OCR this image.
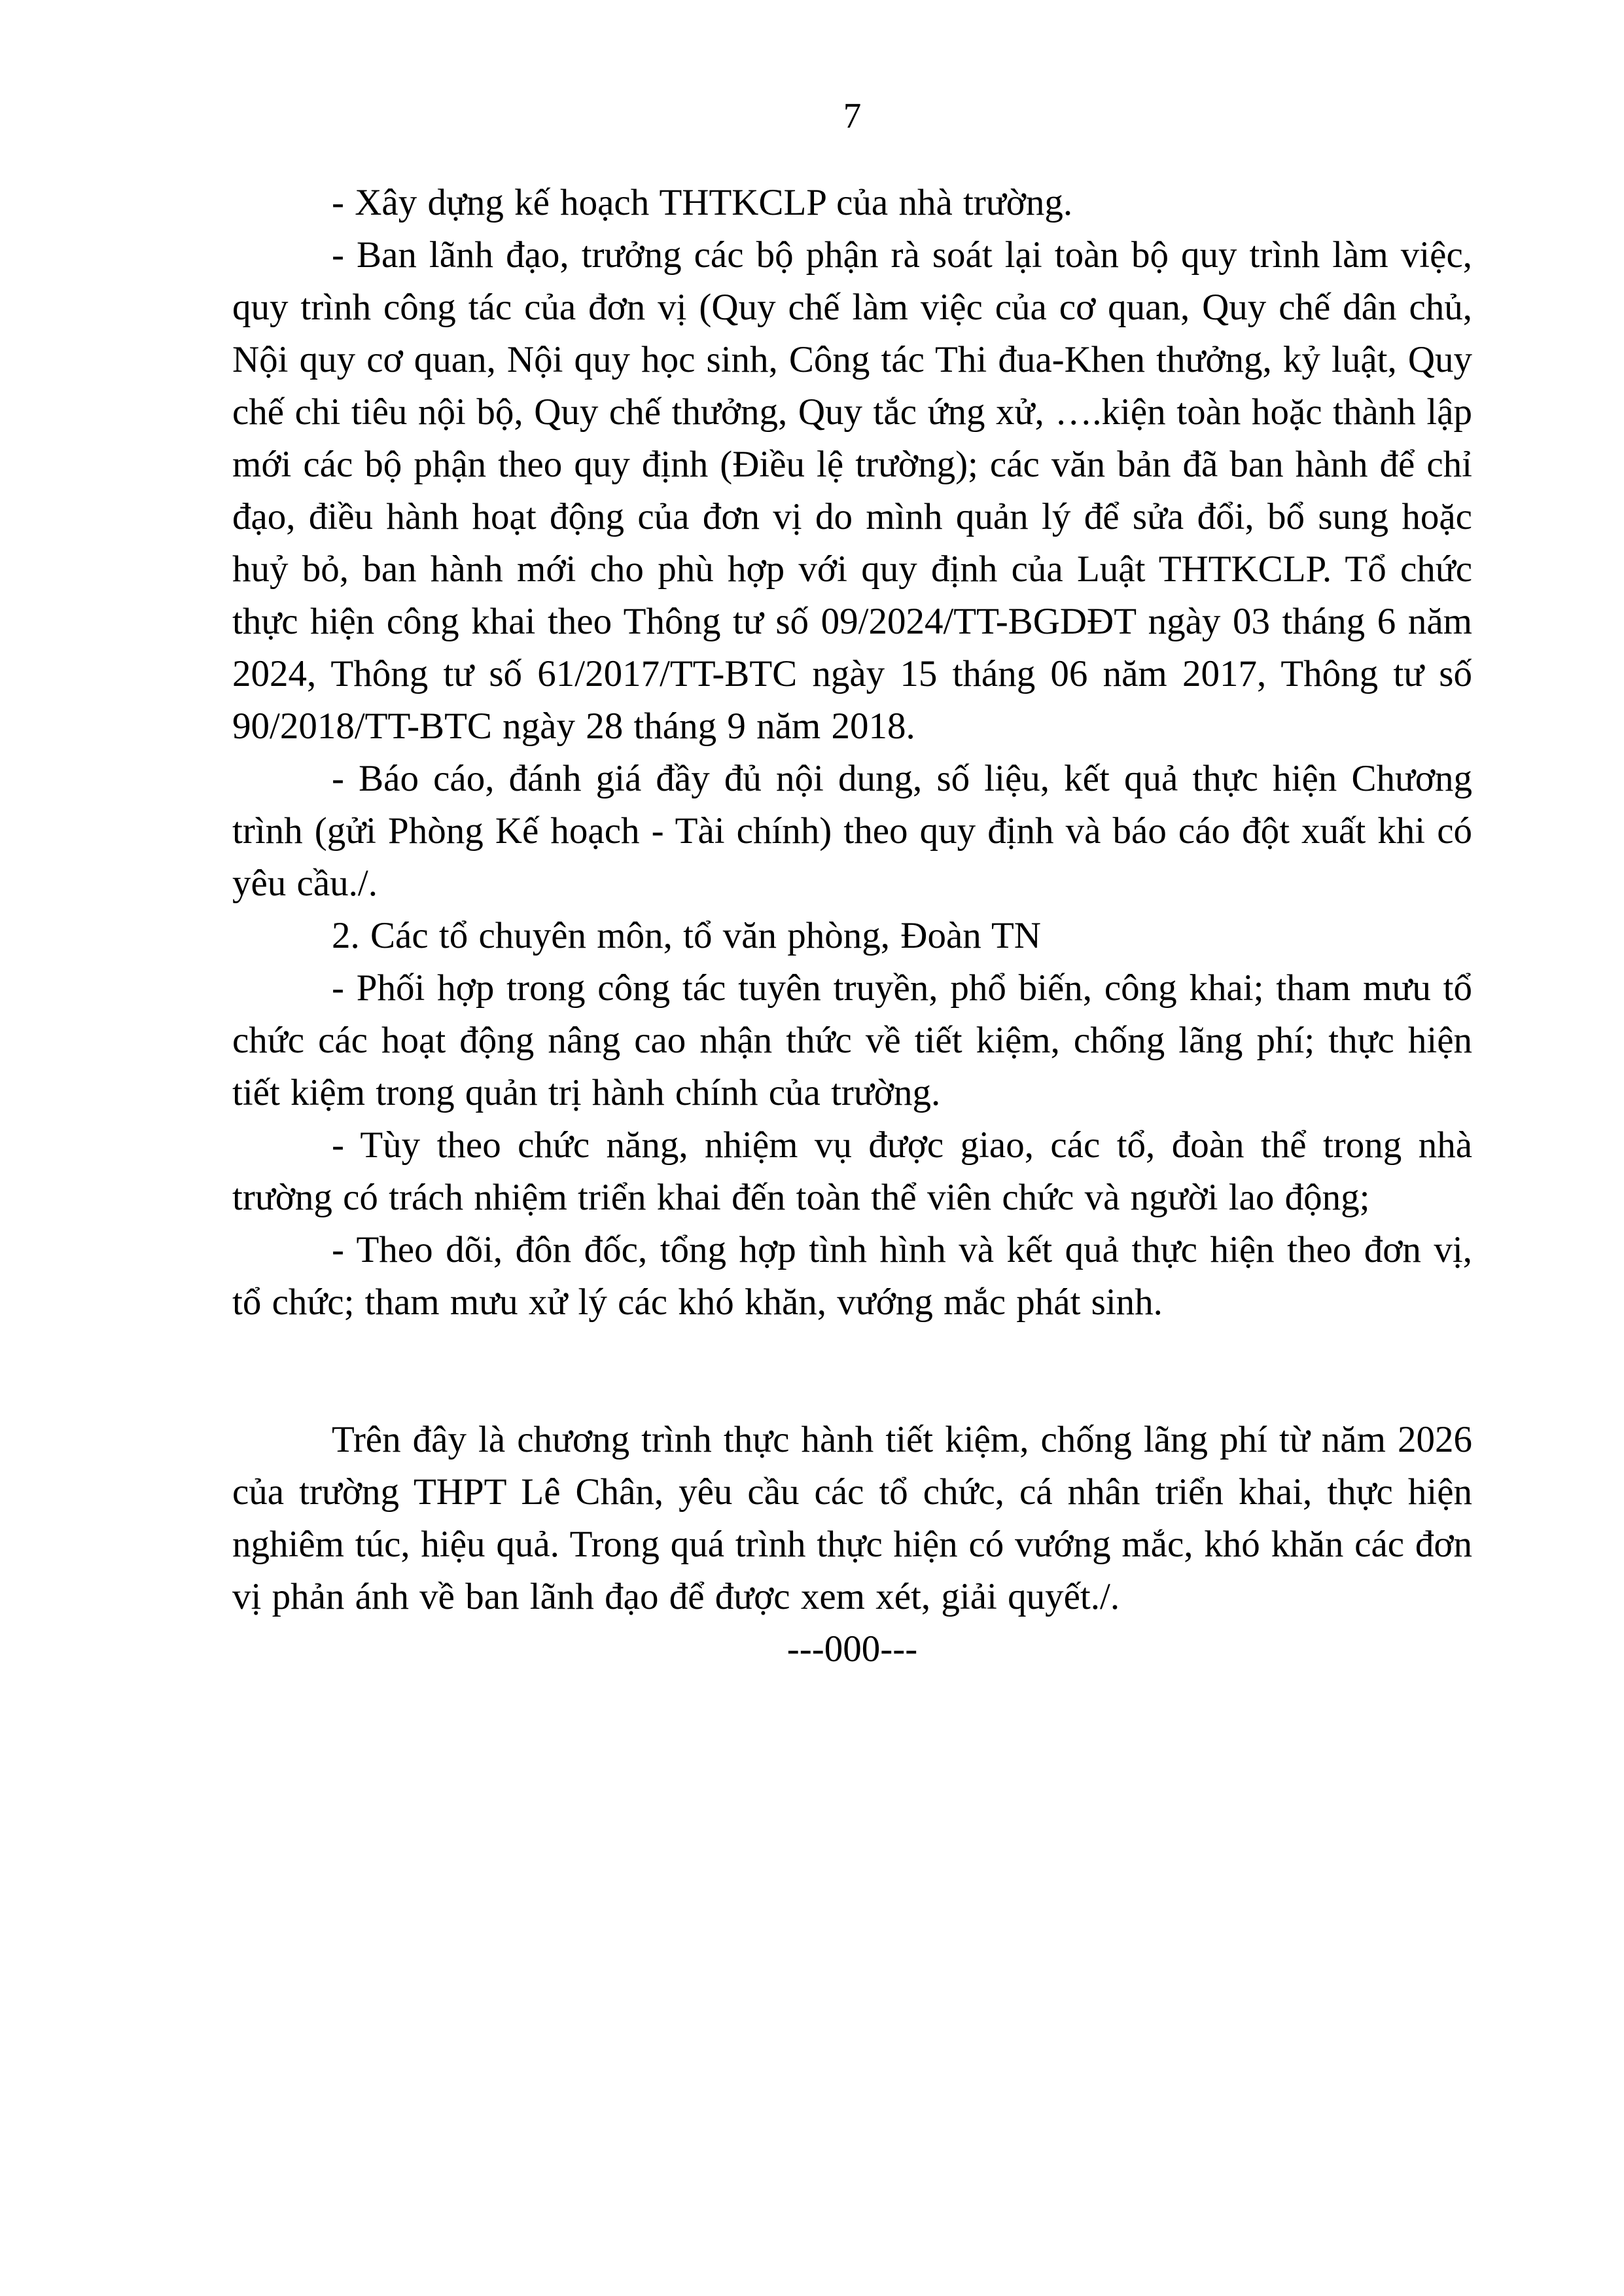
7

- Xây dựng kế hoạch THTKCLP của nhà trường.

- Ban lãnh đạo, trưởng các bộ phận rà soát lại toàn bộ quy trình làm việc, quy trình công tác của đơn vị (Quy chế làm việc của cơ quan, Quy chế dân chủ, Nội quy cơ quan, Nội quy học sinh, Công tác Thi đua-Khen thưởng, kỷ luật, Quy chế chi tiêu nội bộ, Quy chế thưởng, Quy tắc ứng xử, ….kiện toàn hoặc thành lập mới các bộ phận theo quy định (Điều lệ trường); các văn bản đã ban hành để chỉ đạo, điều hành hoạt động của đơn vị do mình quản lý để sửa đổi, bổ sung hoặc huỷ bỏ, ban hành mới cho phù hợp với quy định của Luật THTKCLP. Tổ chức thực hiện công khai theo Thông tư số 09/2024/TT-BGDĐT ngày 03 tháng 6 năm 2024, Thông tư số 61/2017/TT-BTC ngày 15 tháng 06 năm 2017, Thông tư số 90/2018/TT-BTC ngày 28 tháng 9 năm 2018.

- Báo cáo, đánh giá đầy đủ nội dung, số liệu, kết quả thực hiện Chương trình (gửi Phòng Kế hoạch - Tài chính) theo quy định và báo cáo đột xuất khi có yêu cầu./.

2. Các tổ chuyên môn, tổ văn phòng, Đoàn TN

- Phối hợp trong công tác tuyên truyền, phổ biến, công khai; tham mưu tổ chức các hoạt động nâng cao nhận thức về tiết kiệm, chống lãng phí; thực hiện tiết kiệm trong quản trị hành chính của trường.

- Tùy theo chức năng, nhiệm vụ được giao, các tổ, đoàn thể trong nhà trường có trách nhiệm triển khai đến toàn thể viên chức và người lao động;

- Theo dõi, đôn đốc, tổng hợp tình hình và kết quả thực hiện theo đơn vị, tổ chức; tham mưu xử lý các khó khăn, vướng mắc phát sinh.

Trên đây là chương trình thực hành tiết kiệm, chống lãng phí từ năm 2026 của trường THPT Lê Chân, yêu cầu các tổ chức, cá nhân triển khai, thực hiện nghiêm túc, hiệu quả. Trong quá trình thực hiện có vướng mắc, khó khăn các đơn vị phản ánh về ban lãnh đạo để được xem xét, giải quyết./.

---000---
